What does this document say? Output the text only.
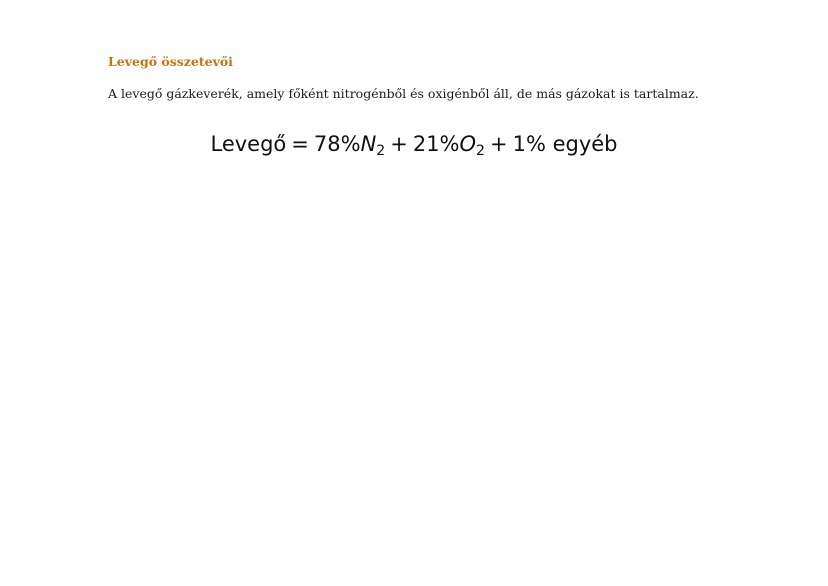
Levegő összetevői

A levegő gázkeverék, amely főként nitrogénből és oxigénből áll, de más gázokat is tartalmaz.

Levegő = $78\%N_2 + 21\%O_2 + 1\%$ egyéb
